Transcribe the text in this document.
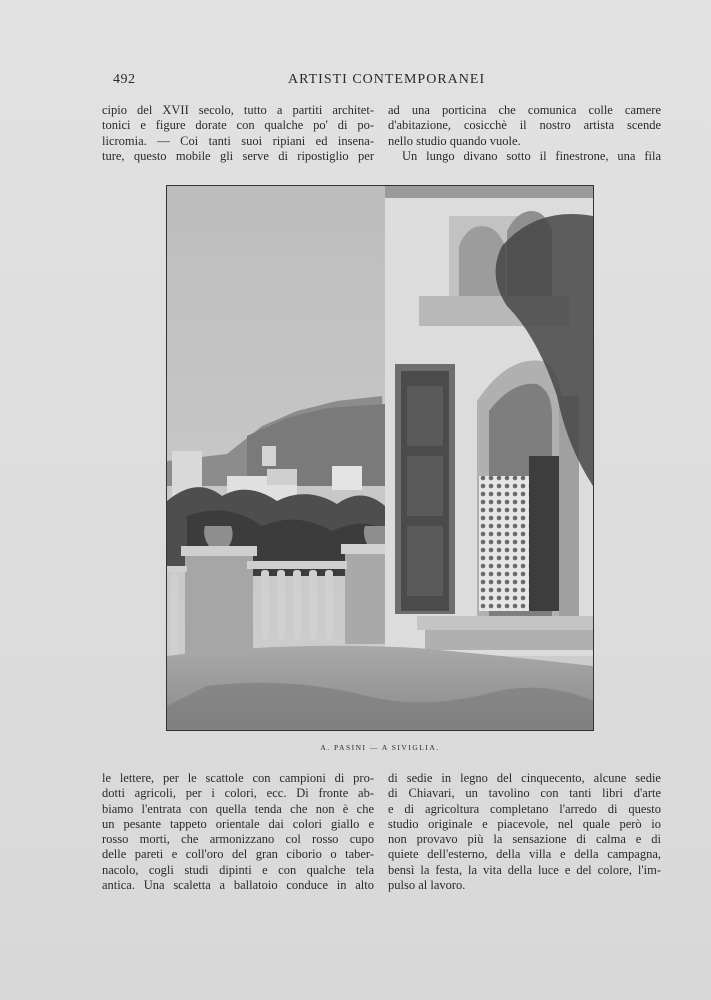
492	ARTISTI CONTEMPORANEI
cipio del XVII secolo, tutto a partiti architet-
tonici e figure dorate con qualche po' di po-
licromia. — Coi tanti suoi ripiani ed insena-
ture, questo mobile gli serve di ripostiglio per
ad una porticina che comunica colle camere
d'abitazione, cosicchè il nostro artista scende
nello studio quando vuole.
Un lungo divano sotto il finestrone, una fila
A. PASINI — A SIVIGLIA.
le lettere, per le scattole con campioni di pro-
dotti agricoli, per i colori, ecc. Di fronte ab-
biamo l'entrata con quella tenda che non è che
un pesante tappeto orientale dai colori giallo e
rosso morti, che armonizzano col rosso cupo
delle pareti e coll'oro del gran ciborio o taber-
nacolo, cogli studi dipinti e con qualche tela
antica. Una scaletta a ballatoio conduce in alto
di sedie in legno del cinquecento, alcune sedie
di Chiavari, un tavolino con tanti libri d'arte
e di agricoltura completano l'arredo di questo
studio originale e piacevole, nel quale però io
non provavo più la sensazione di calma e di
quiete dell'esterno, della villa e della campagna,
bensì la festa, la vita della luce e del colore, l'im-
pulso al lavoro.
